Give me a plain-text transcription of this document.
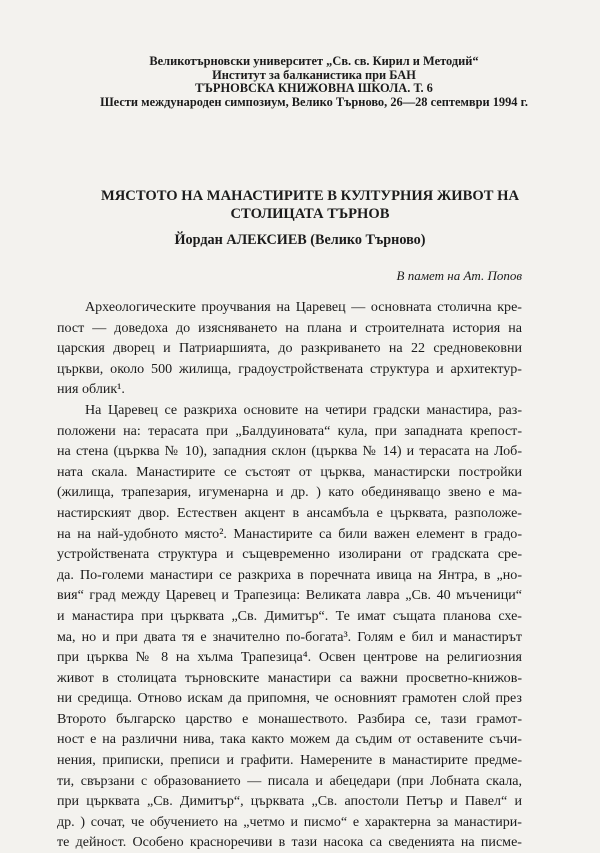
Великотърновски университет „Св. св. Кирил и Методий“
Институт за балканистика при БАН
ТЪРНОВСКА КНИЖОВНА ШКОЛА. Т. 6
Шести международен симпозиум, Велико Търново, 26—28 септември 1994 г.
МЯСТОТО НА МАНАСТИРИТЕ В КУЛТУРНИЯ ЖИВОТ НА
СТОЛИЦАТА ТЪРНОВ
Йордан АЛЕКСИЕВ (Велико Търново)
В памет на Ат. Попов
Археологическите проучвания на Царевец — основната столична кре-
пост — доведоха до изясняването на плана и строителната история на
царския дворец и Патриаршията, до разкриването на 22 средновековни
църкви, около 500 жилища, градоустройствената структура и архитектур-
ния облик¹.
На Царевец се разкриха основите на четири градски манастира, раз-
положени на: терасата при „Балдуиновата“ кула, при западната крепост-
на стена (църква № 10), западния склон (църква № 14) и терасата на Лоб-
ната скала. Манастирите се състоят от църква, манастирски постройки
(жилища, трапезария, игуменарна и др. ) като обединяващо звено е ма-
настирският двор. Естествен акцент в ансамбъла е църквата, разположе-
на на най-удобното място². Манастирите са били важен елемент в градо-
устройствената структура и същевременно изолирани от градската сре-
да. По-големи манастири се разкриха в поречната ивица на Янтра, в „но-
вия“ град между Царевец и Трапезица: Великата лавра „Св. 40 мъченици“
и манастира при църквата „Св. Димитър“. Те имат същата планова схе-
ма, но и при двата тя е значително по-богата³. Голям е бил и манастирът
при църква № 8 на хълма Трапезица⁴. Освен центрове на религиозния
живот в столицата търновските манастири са важни просветно-книжов-
ни средища. Отново искам да припомня, че основният грамотен слой през
Второто българско царство е монашеството. Разбира се, тази грамот-
ност е на различни нива, така както можем да съдим от оставените съчи-
нения, приписки, преписи и графити. Намерените в манастирите предме-
ти, свързани с образованието — писала и абецедари (при Лобната скала,
при църквата „Св. Димитър“, църквата „Св. апостоли Петър и Павел“ и
др. ) сочат, че обучението на „четмо и писмо“ е характерна за манастири-
те дейност. Особено красноречиви в тази насока са сведенията на писме-
